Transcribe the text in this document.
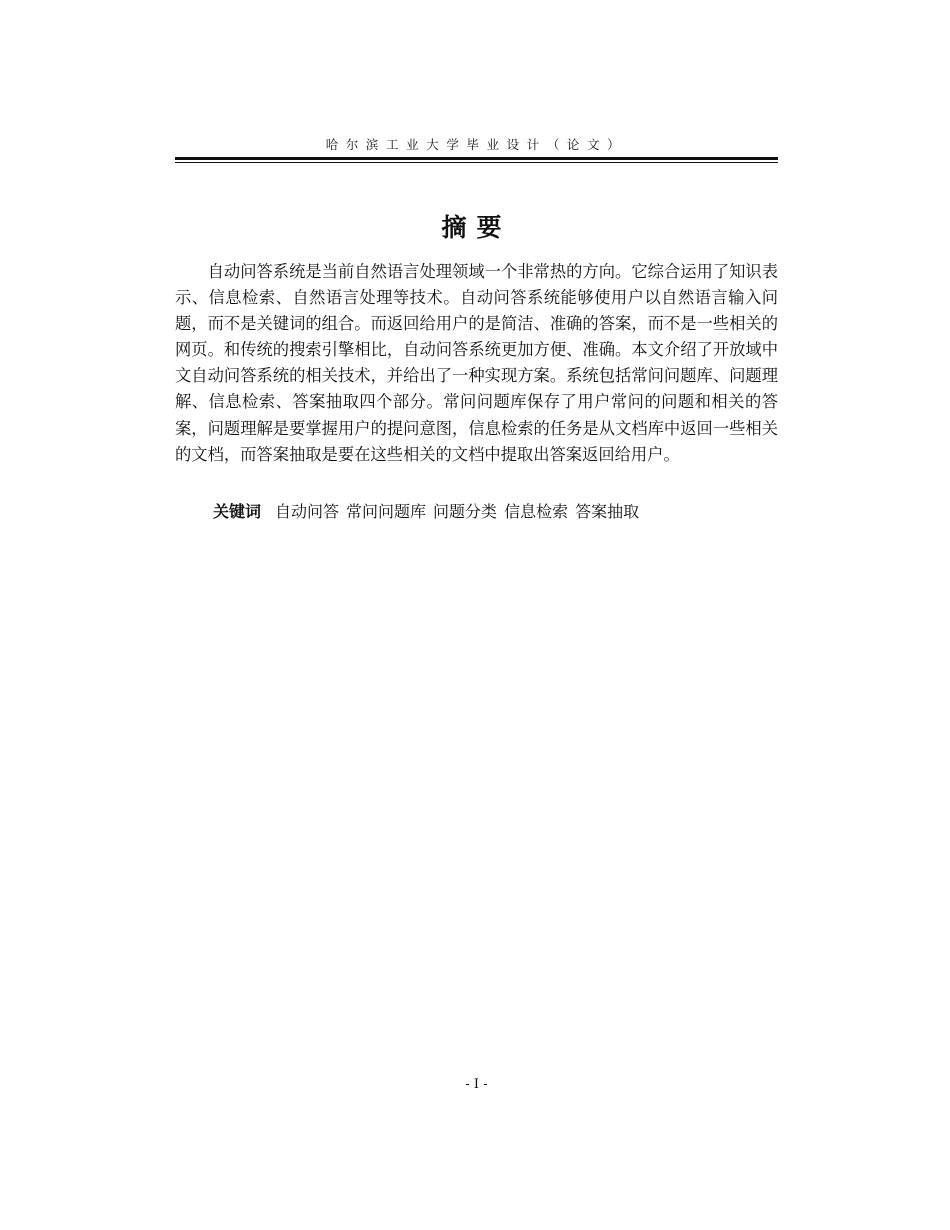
哈尔滨工业大学毕业设计（论文）
摘要

自动问答系统是当前自然语言处理领域一个非常热的方向。它综合运用了知识表示、信息检索、自然语言处理等技术。自动问答系统能够使用户以自然语言输入问题，而不是关键词的组合。而返回给用户的是简洁、准确的答案，而不是一些相关的网页。和传统的搜索引擎相比，自动问答系统更加方便、准确。本文介绍了开放域中文自动问答系统的相关技术，并给出了一种实现方案。系统包括常问问题库、问题理解、信息检索、答案抽取四个部分。常问问题库保存了用户常问的问题和相关的答案，问题理解是要掌握用户的提问意图，信息检索的任务是从文档库中返回一些相关的文档，而答案抽取是要在这些相关的文档中提取出答案返回给用户。

关键词 自动问答 常问问题库 问题分类 信息检索 答案抽取
- I -
